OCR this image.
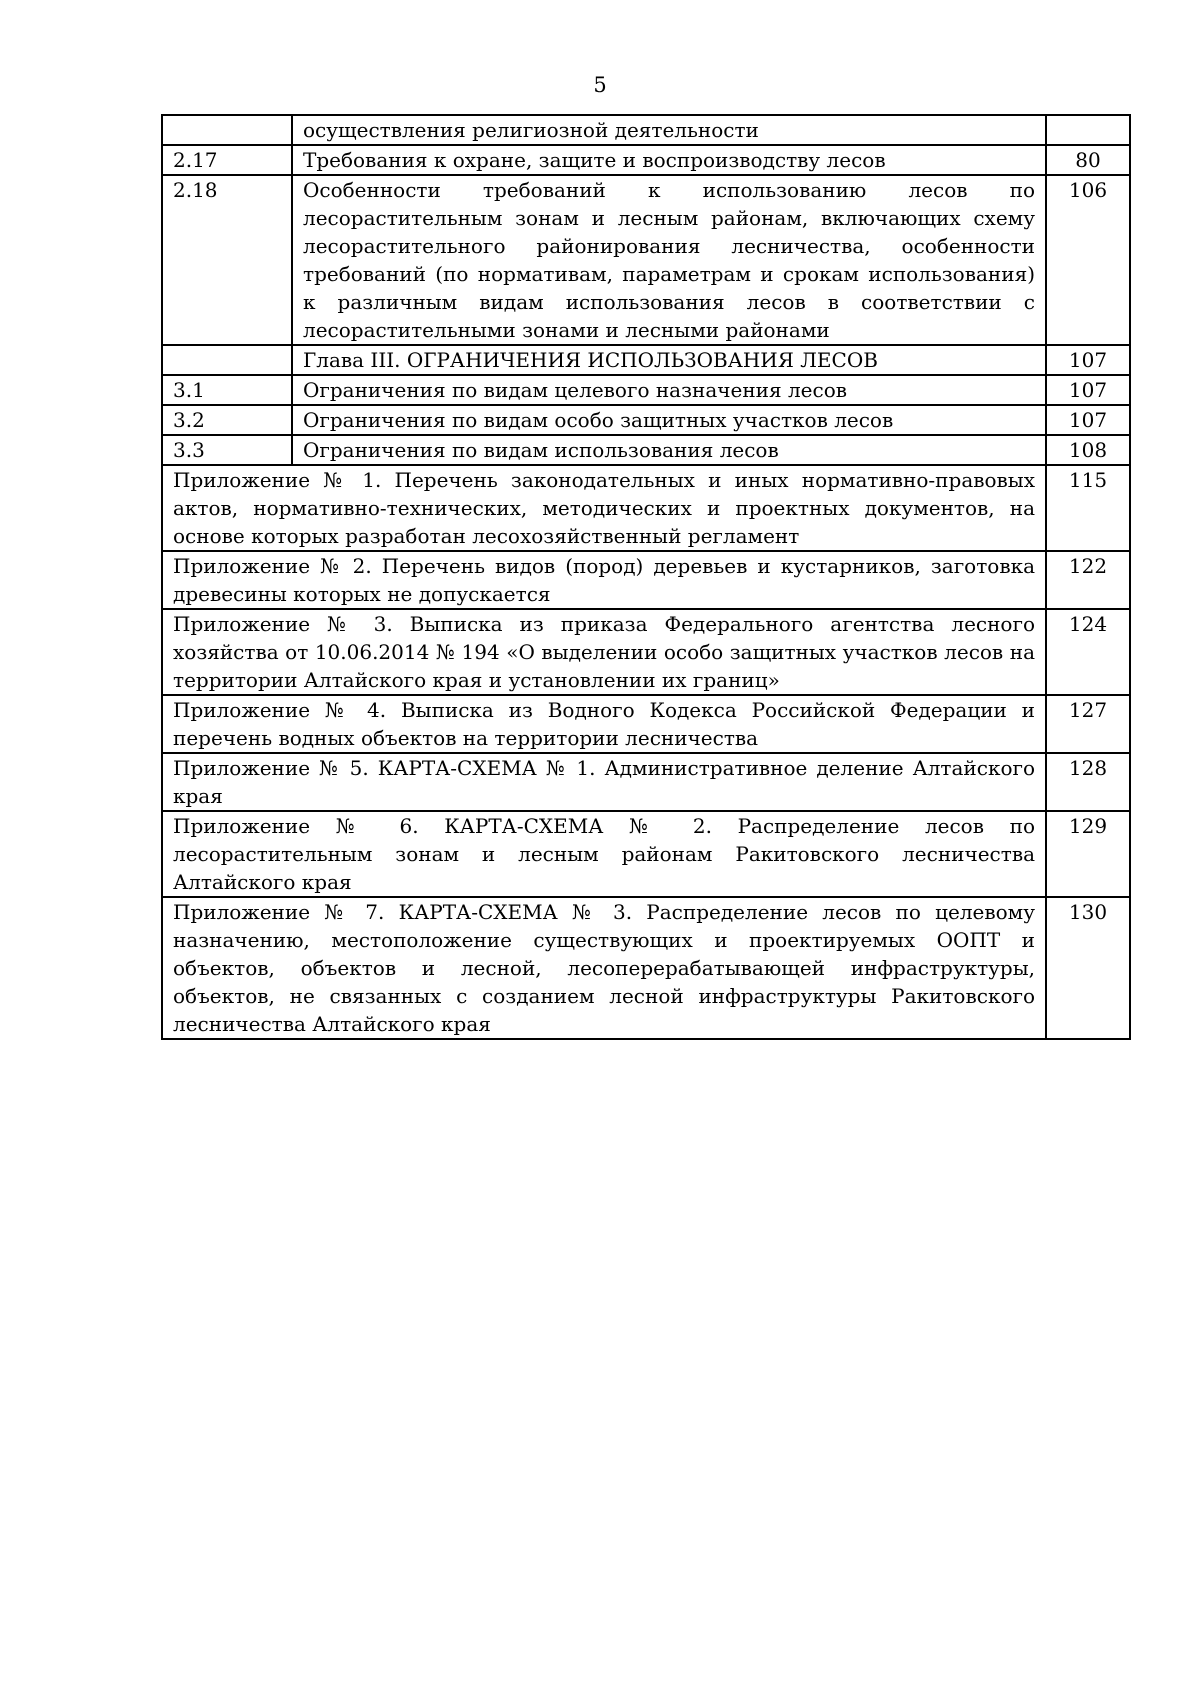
5
	осуществления религиозной деятельности	
2.17	Требования к охране, защите и воспроизводству лесов	80
2.18	Особенности требований к использованию лесов по лесорастительным зонам и лесным районам, включающих схему лесорастительного районирования лесничества, особенности требований (по нормативам, параметрам и срокам использования) к различным видам использования лесов в соответствии с лесорастительными зонами и лесными районами	106
	Глава III. ОГРАНИЧЕНИЯ ИСПОЛЬЗОВАНИЯ ЛЕСОВ	107
3.1	Ограничения по видам целевого назначения лесов	107
3.2	Ограничения по видам особо защитных участков лесов	107
3.3	Ограничения по видам использования лесов	108
Приложение № 1. Перечень законодательных и иных нормативно-правовых актов, нормативно-технических, методических и проектных документов, на основе которых разработан лесохозяйственный регламент		115
Приложение № 2. Перечень видов (пород) деревьев и кустарников, заготовка древесины которых не допускается		122
Приложение № 3. Выписка из приказа Федерального агентства лесного хозяйства от 10.06.2014 № 194 «О выделении особо защитных участков лесов на территории Алтайского края и установлении их границ»		124
Приложение № 4. Выписка из Водного Кодекса Российской Федерации и перечень водных объектов на территории лесничества		127
Приложение № 5. КАРТА-СХЕМА № 1. Административное деление Алтайского края		128
Приложение № 6. КАРТА-СХЕМА № 2. Распределение лесов по лесорастительным зонам и лесным районам Ракитовского лесничества Алтайского края		129
Приложение № 7. КАРТА-СХЕМА № 3. Распределение лесов по целевому назначению, местоположение существующих и проектируемых ООПТ и объектов, объектов и лесной, лесоперерабатывающей инфраструктуры, объектов, не связанных с созданием лесной инфраструктуры Ракитовского лесничества Алтайского края		130
